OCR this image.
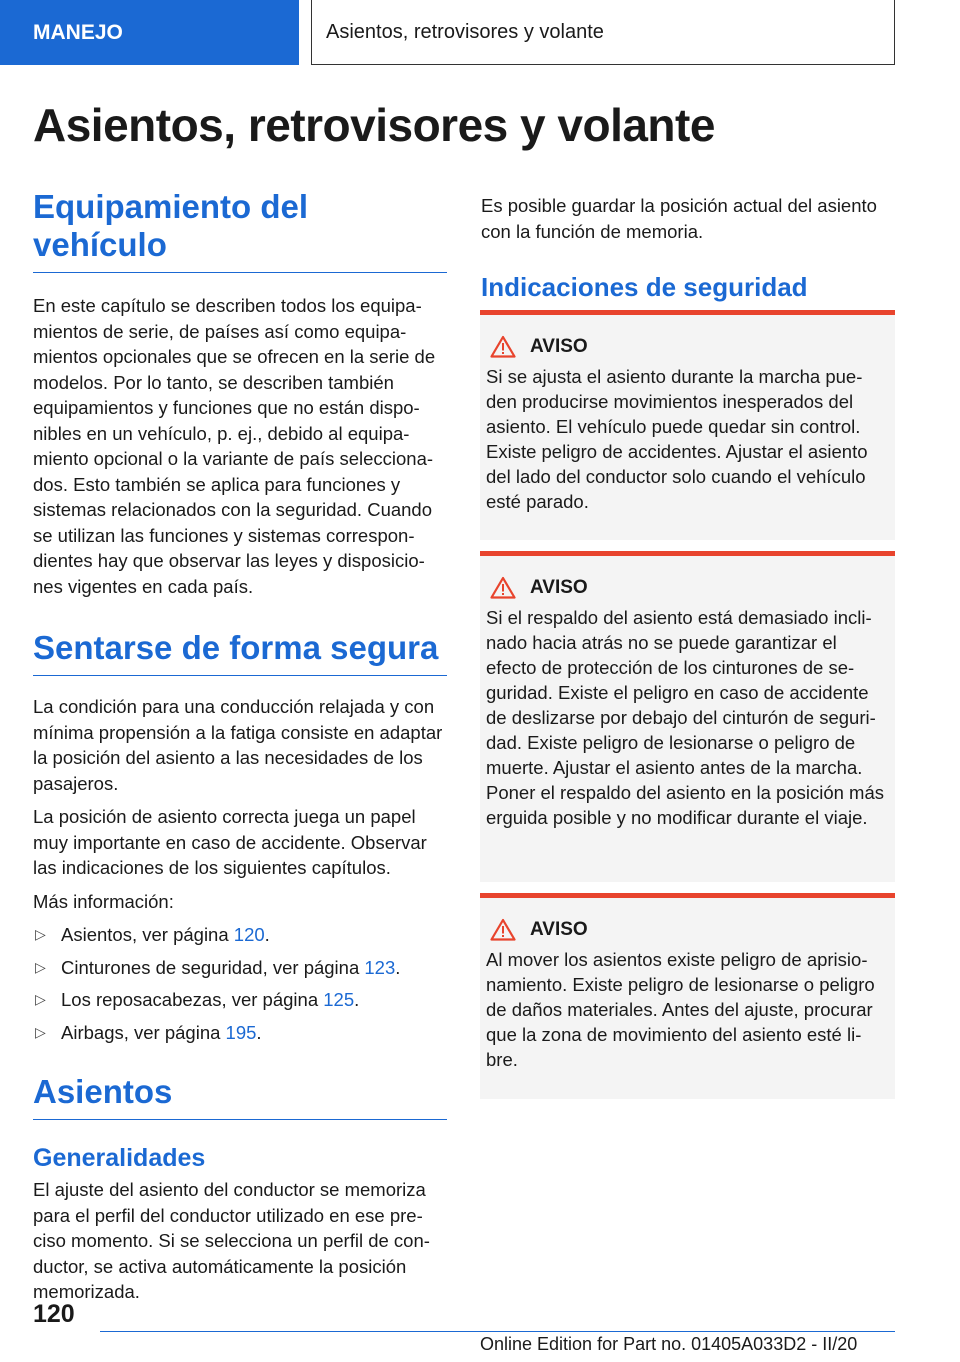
MANEJO	Asientos, retrovisores y volante
Asientos, retrovisores y volante
Equipamiento del vehículo

En este capítulo se describen todos los equipamientos de serie, de países así como equipamientos opcionales que se ofrecen en la serie de modelos. Por lo tanto, se describen también equipamientos y funciones que no están disponibles en un vehículo, p. ej., debido al equipamiento opcional o la variante de país seleccionados. Esto también se aplica para funciones y sistemas relacionados con la seguridad. Cuando se utilizan las funciones y sistemas correspondientes hay que observar las leyes y disposiciones vigentes en cada país.

Sentarse de forma segura

La condición para una conducción relajada y con mínima propensión a la fatiga consiste en adaptar la posición del asiento a las necesidades de los pasajeros.

La posición de asiento correcta juega un papel muy importante en caso de accidente. Observar las indicaciones de los siguientes capítulos.

Más información:

▷ Asientos, ver página 120.
▷ Cinturones de seguridad, ver página 123.
▷ Los reposacabezas, ver página 125.
▷ Airbags, ver página 195.
Asientos
Generalidades

El ajuste del asiento del conductor se memoriza para el perfil del conductor utilizado en ese preciso momento. Si se selecciona un perfil de conductor, se activa automáticamente la posición memorizada.

Es posible guardar la posición actual del asiento con la función de memoria.

Indicaciones de seguridad
AVISO

Si se ajusta el asiento durante la marcha pueden producirse movimientos inesperados del asiento. El vehículo puede quedar sin control. Existe peligro de accidentes. Ajustar el asiento del lado del conductor solo cuando el vehículo esté parado.

AVISO

Si el respaldo del asiento está demasiado inclinado hacia atrás no se puede garantizar el efecto de protección de los cinturones de seguridad. Existe el peligro en caso de accidente de deslizarse por debajo del cinturón de seguridad. Existe peligro de lesionarse o peligro de muerte. Ajustar el asiento antes de la marcha. Poner el respaldo del asiento en la posición más erguida posible y no modificar durante el viaje.

AVISO

Al mover los asientos existe peligro de aprisionamiento. Existe peligro de lesionarse o peligro de daños materiales. Antes del ajuste, procurar que la zona de movimiento del asiento esté libre.

120
Online Edition for Part no. 01405A033D2 - II/20
